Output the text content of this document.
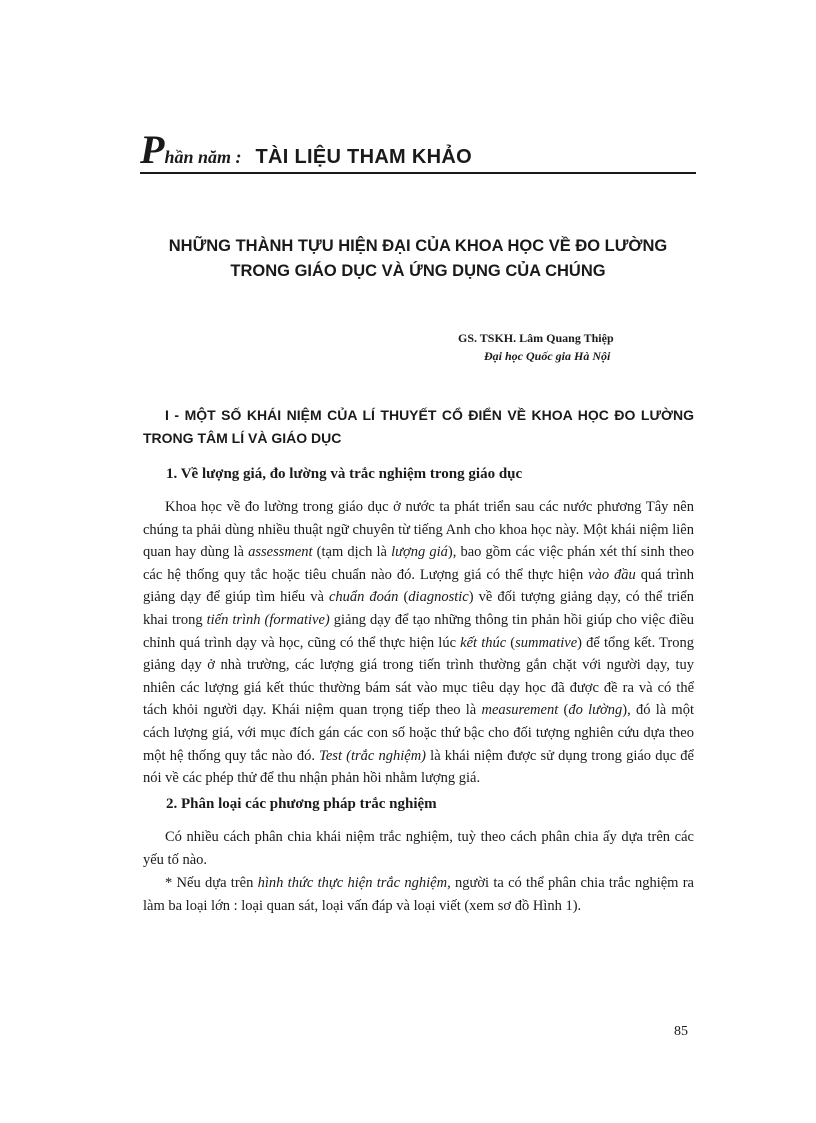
Phần năm : TÀI LIỆU THAM KHẢO
NHỮNG THÀNH TỰU HIỆN ĐẠI CỦA KHOA HỌC VỀ ĐO LƯỜNG
TRONG GIÁO DỤC VÀ ỨNG DỤNG CỦA CHÚNG
GS. TSKH. Lâm Quang Thiệp
Đại học Quốc gia Hà Nội
I - MỘT SỐ KHÁI NIỆM CỦA LÍ THUYẾT CỔ ĐIỂN VỀ KHOA HỌC ĐO LƯỜNG TRONG TÂM LÍ VÀ GIÁO DỤC
1. Về lượng giá, đo lường và trắc nghiệm trong giáo dục

Khoa học về đo lường trong giáo dục ở nước ta phát triển sau các nước phương Tây nên chúng ta phải dùng nhiều thuật ngữ chuyên từ tiếng Anh cho khoa học này. Một khái niệm liên quan hay dùng là assessment (tạm dịch là lượng giá), bao gồm các việc phán xét thí sinh theo các hệ thống quy tắc hoặc tiêu chuẩn nào đó. Lượng giá có thể thực hiện vào đầu quá trình giảng dạy để giúp tìm hiểu và chuẩn đoán (diagnostic) về đối tượng giảng dạy, có thể triển khai trong tiến trình (formative) giảng dạy để tạo những thông tin phản hồi giúp cho việc điều chỉnh quá trình dạy và học, cũng có thể thực hiện lúc kết thúc (summative) để tổng kết. Trong giảng dạy ở nhà trường, các lượng giá trong tiến trình thường gắn chặt với người dạy, tuy nhiên các lượng giá kết thúc thường bám sát vào mục tiêu dạy học đã được đề ra và có thể tách khỏi người dạy. Khái niệm quan trọng tiếp theo là measurement (đo lường), đó là một cách lượng giá, với mục đích gán các con số hoặc thứ bậc cho đối tượng nghiên cứu dựa theo một hệ thống quy tắc nào đó. Test (trắc nghiệm) là khái niệm được sử dụng trong giáo dục để nói về các phép thử để thu nhận phản hồi nhằm lượng giá.

2. Phân loại các phương pháp trắc nghiệm

Có nhiều cách phân chia khái niệm trắc nghiệm, tuỳ theo cách phân chia ấy dựa trên các yếu tố nào.

* Nếu dựa trên hình thức thực hiện trắc nghiệm, người ta có thể phân chia trắc nghiệm ra làm ba loại lớn : loại quan sát, loại vấn đáp và loại viết (xem sơ đồ Hình 1).

85
